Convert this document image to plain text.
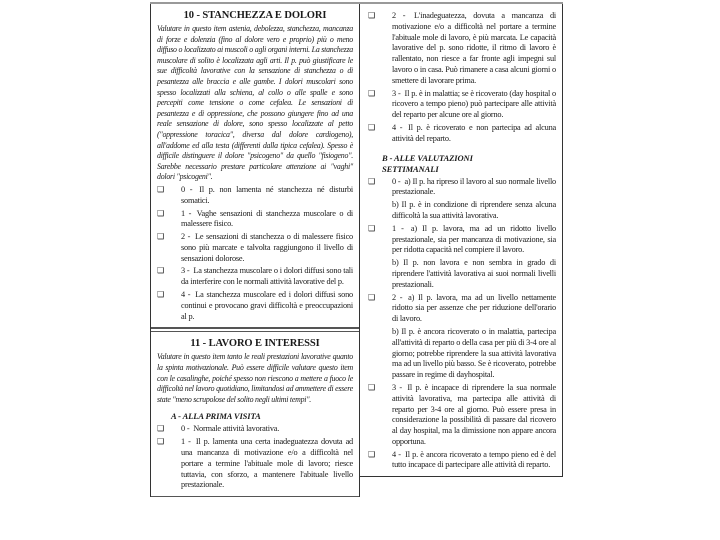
10 - STANCHEZZA E DOLORI

Valutare in questo item astenia, debolezza, stanchezza, mancanza di forze e dolenzia (fino al dolore vero e proprio) più o meno diffuso o localizzato ai muscoli o agli organi interni. La stanchezza muscolare di solito è localizzata agli arti. Il p. può giustificare le sue difficoltà lavorative con la sensazione di stanchezza o di pesantezza alle braccia e alle gambe. I dolori muscolari sono spesso localizzati alla schiena, al collo o alle spalle e sono percepiti come tensione o come cefalea. Le sensazioni di pesantezza e di oppressione, che possono giungere fino ad una reale sensazione di dolore, sono spesso localizzate al petto ("oppressione toracica", diversa dal dolore cardiogeno), all'addome ed alla testa (differenti dalla tipica cefalea). Spesso è difficile distinguere il dolore "psicogeno" da quello "fisiogeno". Sarebbe necessario prestare particolare attenzione ai "vaghi" dolori "psicogeni".

❑ 0 - Il p. non lamenta né stanchezza né disturbi somatici.
❑ 1 - Vaghe sensazioni di stanchezza muscolare o di malessere fisico.
❑ 2 - Le sensazioni di stanchezza o di malessere fisico sono più marcate e talvolta raggiungono il livello di sensazioni dolorose.
❑ 3 - La stanchezza muscolare o i dolori diffusi sono tali da interferire con le normali attività lavorative del p.
❑ 4 - La stanchezza muscolare ed i dolori diffusi sono continui e provocano gravi difficoltà e preoccupazioni al p.
11 - LAVORO E INTERESSI

Valutare in questo item tanto le reali prestazioni lavorative quanto la spinta motivazionale. Può essere difficile valutare questo item con le casalinghe, poiché spesso non riescono a mettere a fuoco le difficoltà nel lavoro quotidiano, limitandosi ad ammettere di essere state "meno scrupolose del solito negli ultimi tempi".

A - ALLA PRIMA VISITA
❑ 0 - Normale attività lavorativa.
❑ 1 - Il p. lamenta una certa inadeguatezza dovuta ad una mancanza di motivazione e/o a difficoltà nel portare a termine l'abituale mole di lavoro; riesce tuttavia, con sforzo, a mantenere l'abituale livello prestazionale.
❑ 2 - L'inadeguatezza, dovuta a mancanza di motivazione e/o a difficoltà nel portare a termine l'abituale mole di lavoro, è più marcata. Le capacità lavorative del p. sono ridotte, il ritmo di lavoro è rallentato, non riesce a far fronte agli impegni sul lavoro o in casa. Può rimanere a casa alcuni giorni o smettere di lavorare prima.
❑ 3 - Il p. è in malattia; se è ricoverato (day hospital o ricovero a tempo pieno) può partecipare alle attività del reparto per alcune ore al giorno.
❑ 4 - Il p. è ricoverato e non partecipa ad alcuna attività del reparto.
B - ALLE VALUTAZIONI SETTIMANALI
❑ 0 - a) Il p. ha ripreso il lavoro al suo normale livello prestazionale.
b) Il p. è in condizione di riprendere senza alcuna difficoltà la sua attività lavorativa.
❑ 1 - a) Il p. lavora, ma ad un ridotto livello prestazionale, sia per mancanza di motivazione, sia per ridotta capacità nel compiere il lavoro.
b) Il p. non lavora e non sembra in grado di riprendere l'attività lavorativa ai suoi normali livelli prestazionali.
❑ 2 - a) Il p. lavora, ma ad un livello nettamente ridotto sia per assenze che per riduzione dell'orario di lavoro.
b) Il p. è ancora ricoverato o in malattia, partecipa all'attività di reparto o della casa per più di 3-4 ore al giorno; potrebbe riprendere la sua attività lavorativa ma ad un livello più basso. Se è ricoverato, potrebbe passare in regime di dayhospital.
❑ 3 - Il p. è incapace di riprendere la sua normale attività lavorativa, ma partecipa alle attività di reparto per 3-4 ore al giorno. Può essere presa in considerazione la possibilità di passare dal ricovero al day hospital, ma la dimissione non appare ancora opportuna.
❑ 4 - Il p. è ancora ricoverato a tempo pieno ed è del tutto incapace di partecipare alle attività di reparto.
